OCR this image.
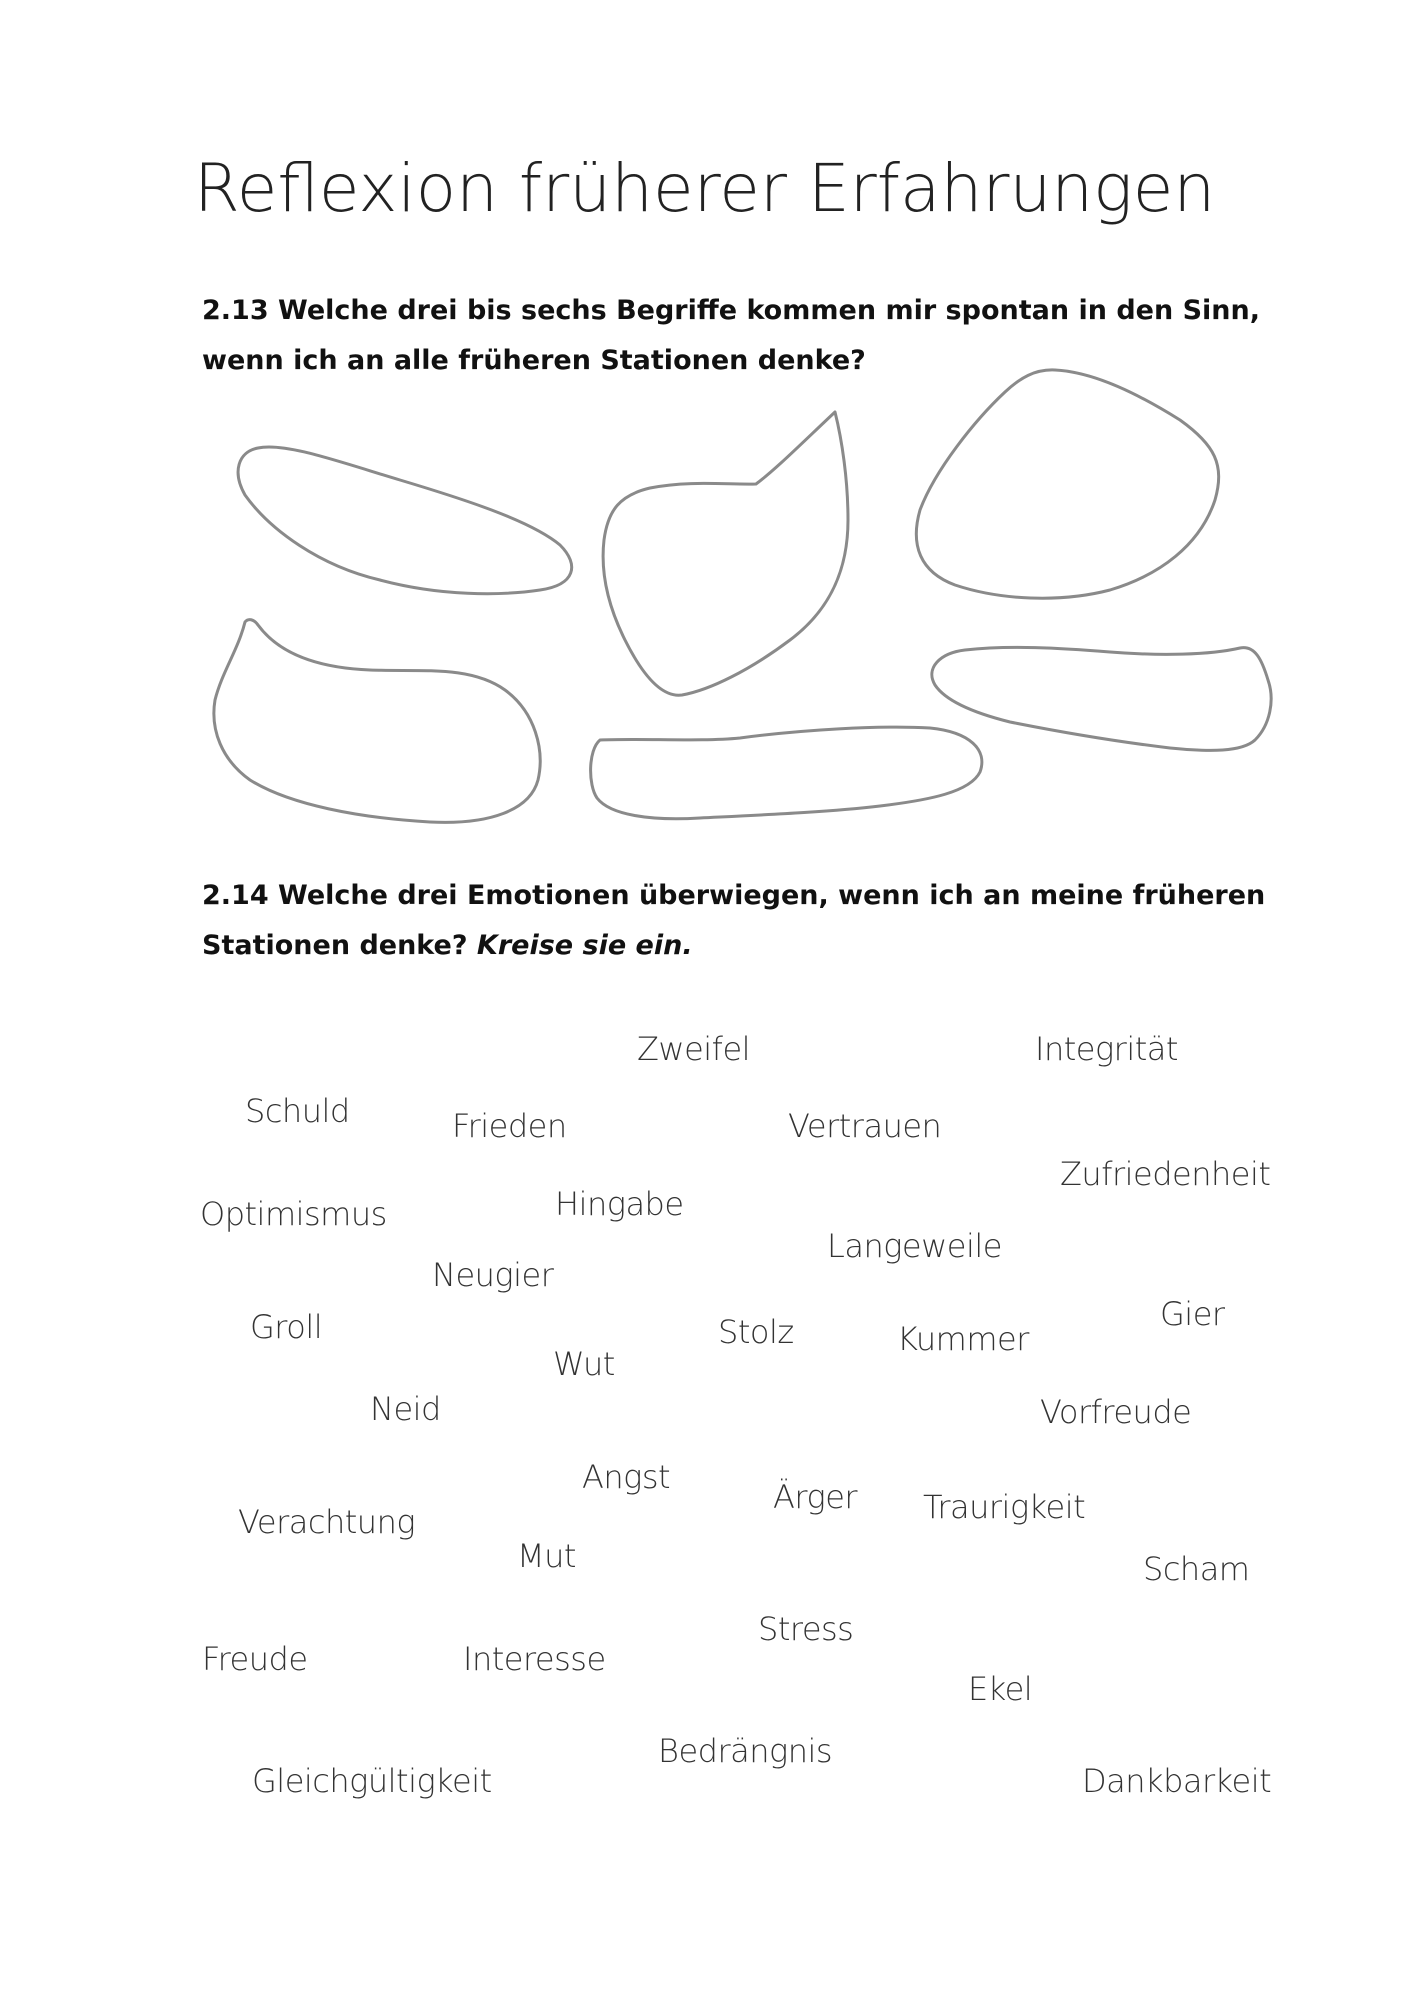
Reflexion früherer Erfahrungen
2.13 Welche drei bis sechs Begriffe kommen mir spontan in den Sinn, wenn ich an alle früheren Stationen denke?
2.14 Welche drei Emotionen überwiegen, wenn ich an meine früheren Stationen denke? Kreise sie ein.
Zweifel	Integrität
Schuld	Frieden	Vertrauen
Zufriedenheit
Optimismus	Hingabe
Langeweile
Neugier
Groll	Stolz	Kummer
Gier
Wut
Neid	Vorfreude
Angst
Ärger Traurigkeit
Verachtung
Mut	Scham
Stress
Freude	Interesse
Ekel
Bedrängnis
Gleichgültigkeit	Dankbarkeit
